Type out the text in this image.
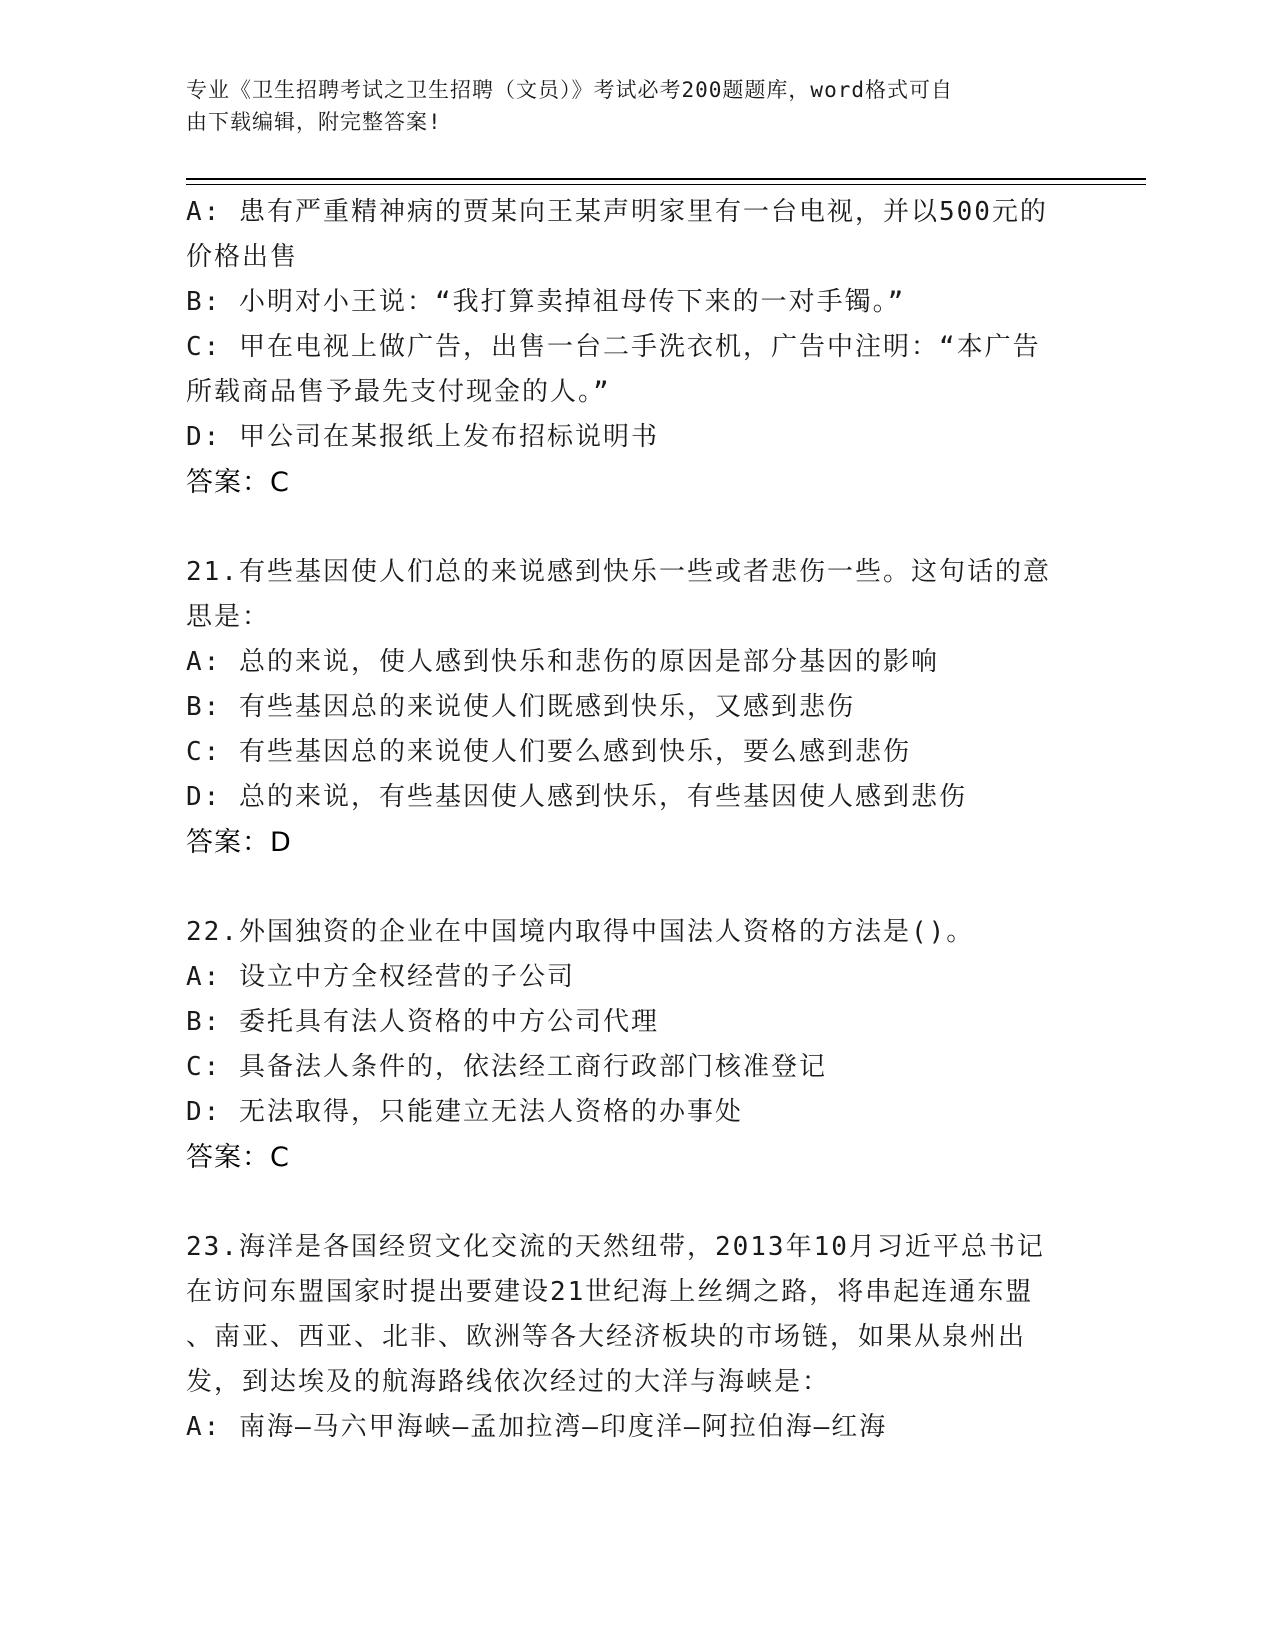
专业《卫生招聘考试之卫生招聘（文员）》考试必考200题题库，word格式可自
由下载编辑，附完整答案!

A: 患有严重精神病的贾某向王某声明家里有一台电视，并以500元的

价格出售

B: 小明对小王说：“我打算卖掉祖母传下来的一对手镯。”

C: 甲在电视上做广告，出售一台二手洗衣机，广告中注明：“本广告

所载商品售予最先支付现金的人。”

D: 甲公司在某报纸上发布招标说明书

答案：C

21.有些基因使人们总的来说感到快乐一些或者悲伤一些。这句话的意

思是：

A: 总的来说，使人感到快乐和悲伤的原因是部分基因的影响

B: 有些基因总的来说使人们既感到快乐，又感到悲伤

C: 有些基因总的来说使人们要么感到快乐，要么感到悲伤

D: 总的来说，有些基因使人感到快乐，有些基因使人感到悲伤

答案：D

22.外国独资的企业在中国境内取得中国法人资格的方法是()。

A: 设立中方全权经营的子公司

B: 委托具有法人资格的中方公司代理

C: 具备法人条件的，依法经工商行政部门核准登记

D: 无法取得，只能建立无法人资格的办事处

答案：C

23.海洋是各国经贸文化交流的天然纽带，2013年10月习近平总书记

在访问东盟国家时提出要建设21世纪海上丝绸之路，将串起连通东盟

、南亚、西亚、北非、欧洲等各大经济板块的市场链，如果从泉州出

发，到达埃及的航海路线依次经过的大洋与海峡是：

A: 南海—马六甲海峡—孟加拉湾—印度洋—阿拉伯海—红海
